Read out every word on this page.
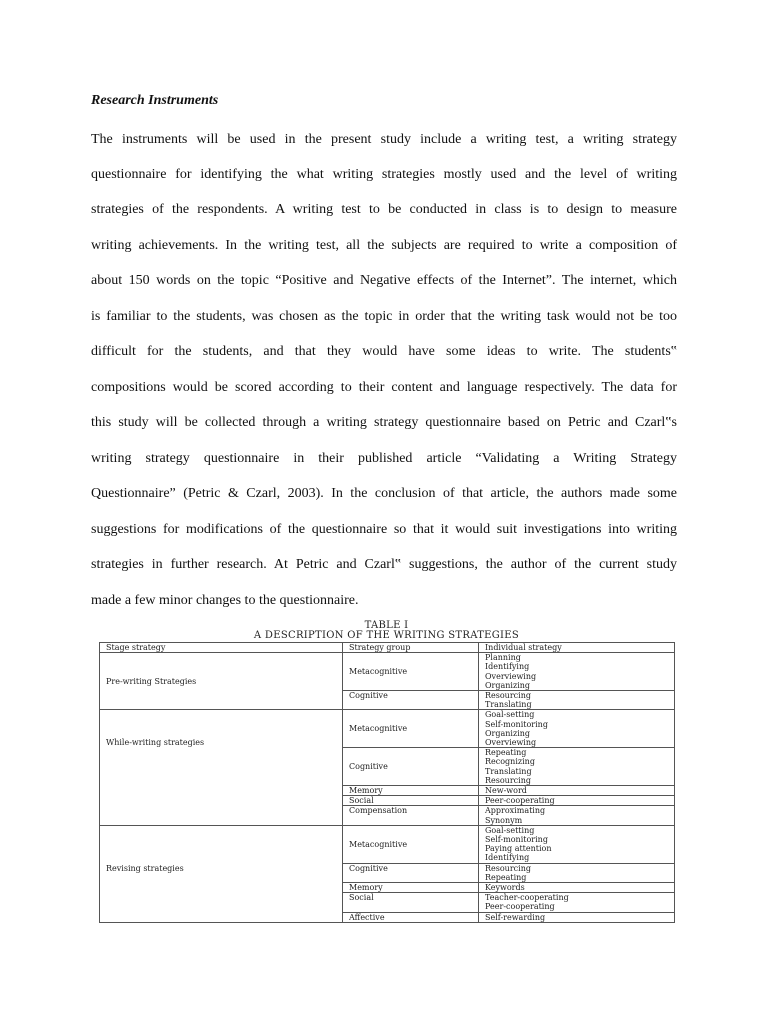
Research Instruments

The instruments will be used in the present study include a writing test, a writing strategy

questionnaire for identifying the what writing strategies mostly used and the level of writing

strategies of the respondents. A writing test to be conducted in class is to design to measure

writing achievements. In the writing test, all the subjects are required to write a composition of

about 150 words on the topic “Positive and Negative effects of the Internet”. The internet, which

is familiar to the students, was chosen as the topic in order that the writing task would not be too

difficult for the students, and that they would have some ideas to write. The students‟

compositions would be scored according to their content and language respectively. The data for

this study will be collected through a writing strategy questionnaire based on Petric and Czarl‟s

writing strategy questionnaire in their published article “Validating a Writing Strategy

Questionnaire” (Petric & Czarl, 2003). In the conclusion of that article, the authors made some

suggestions for modifications of the questionnaire so that it would suit investigations into writing

strategies in further research. At Petric and Czarl‟ suggestions, the author of the current study

made a few minor changes to the questionnaire.

TABLE I

A DESCRIPTION OF THE WRITING STRATEGIES

Stage strategy	Strategy group	Individual strategy
Pre-writing Strategies	Metacognitive	Planning
Identifying
Overviewing
Organizing

	Cognitive	Resourcing
Translating

While-writing strategies	Metacognitive	Goal-setting
Self-monitoring
Organizing
Overviewing

	Cognitive	Repeating
Recognizing
Translating
Resourcing

	Memory	New-word

	Social	Peer-cooperating

	Compensation	Approximating
Synonym

Revising strategies	Metacognitive	Goal-setting
Self-monitoring
Paying attention
Identifying

	Cognitive	Resourcing
Repeating

	Memory	Keywords

	Social	Teacher-cooperating
Peer-cooperating

	Affective	Self-rewarding
